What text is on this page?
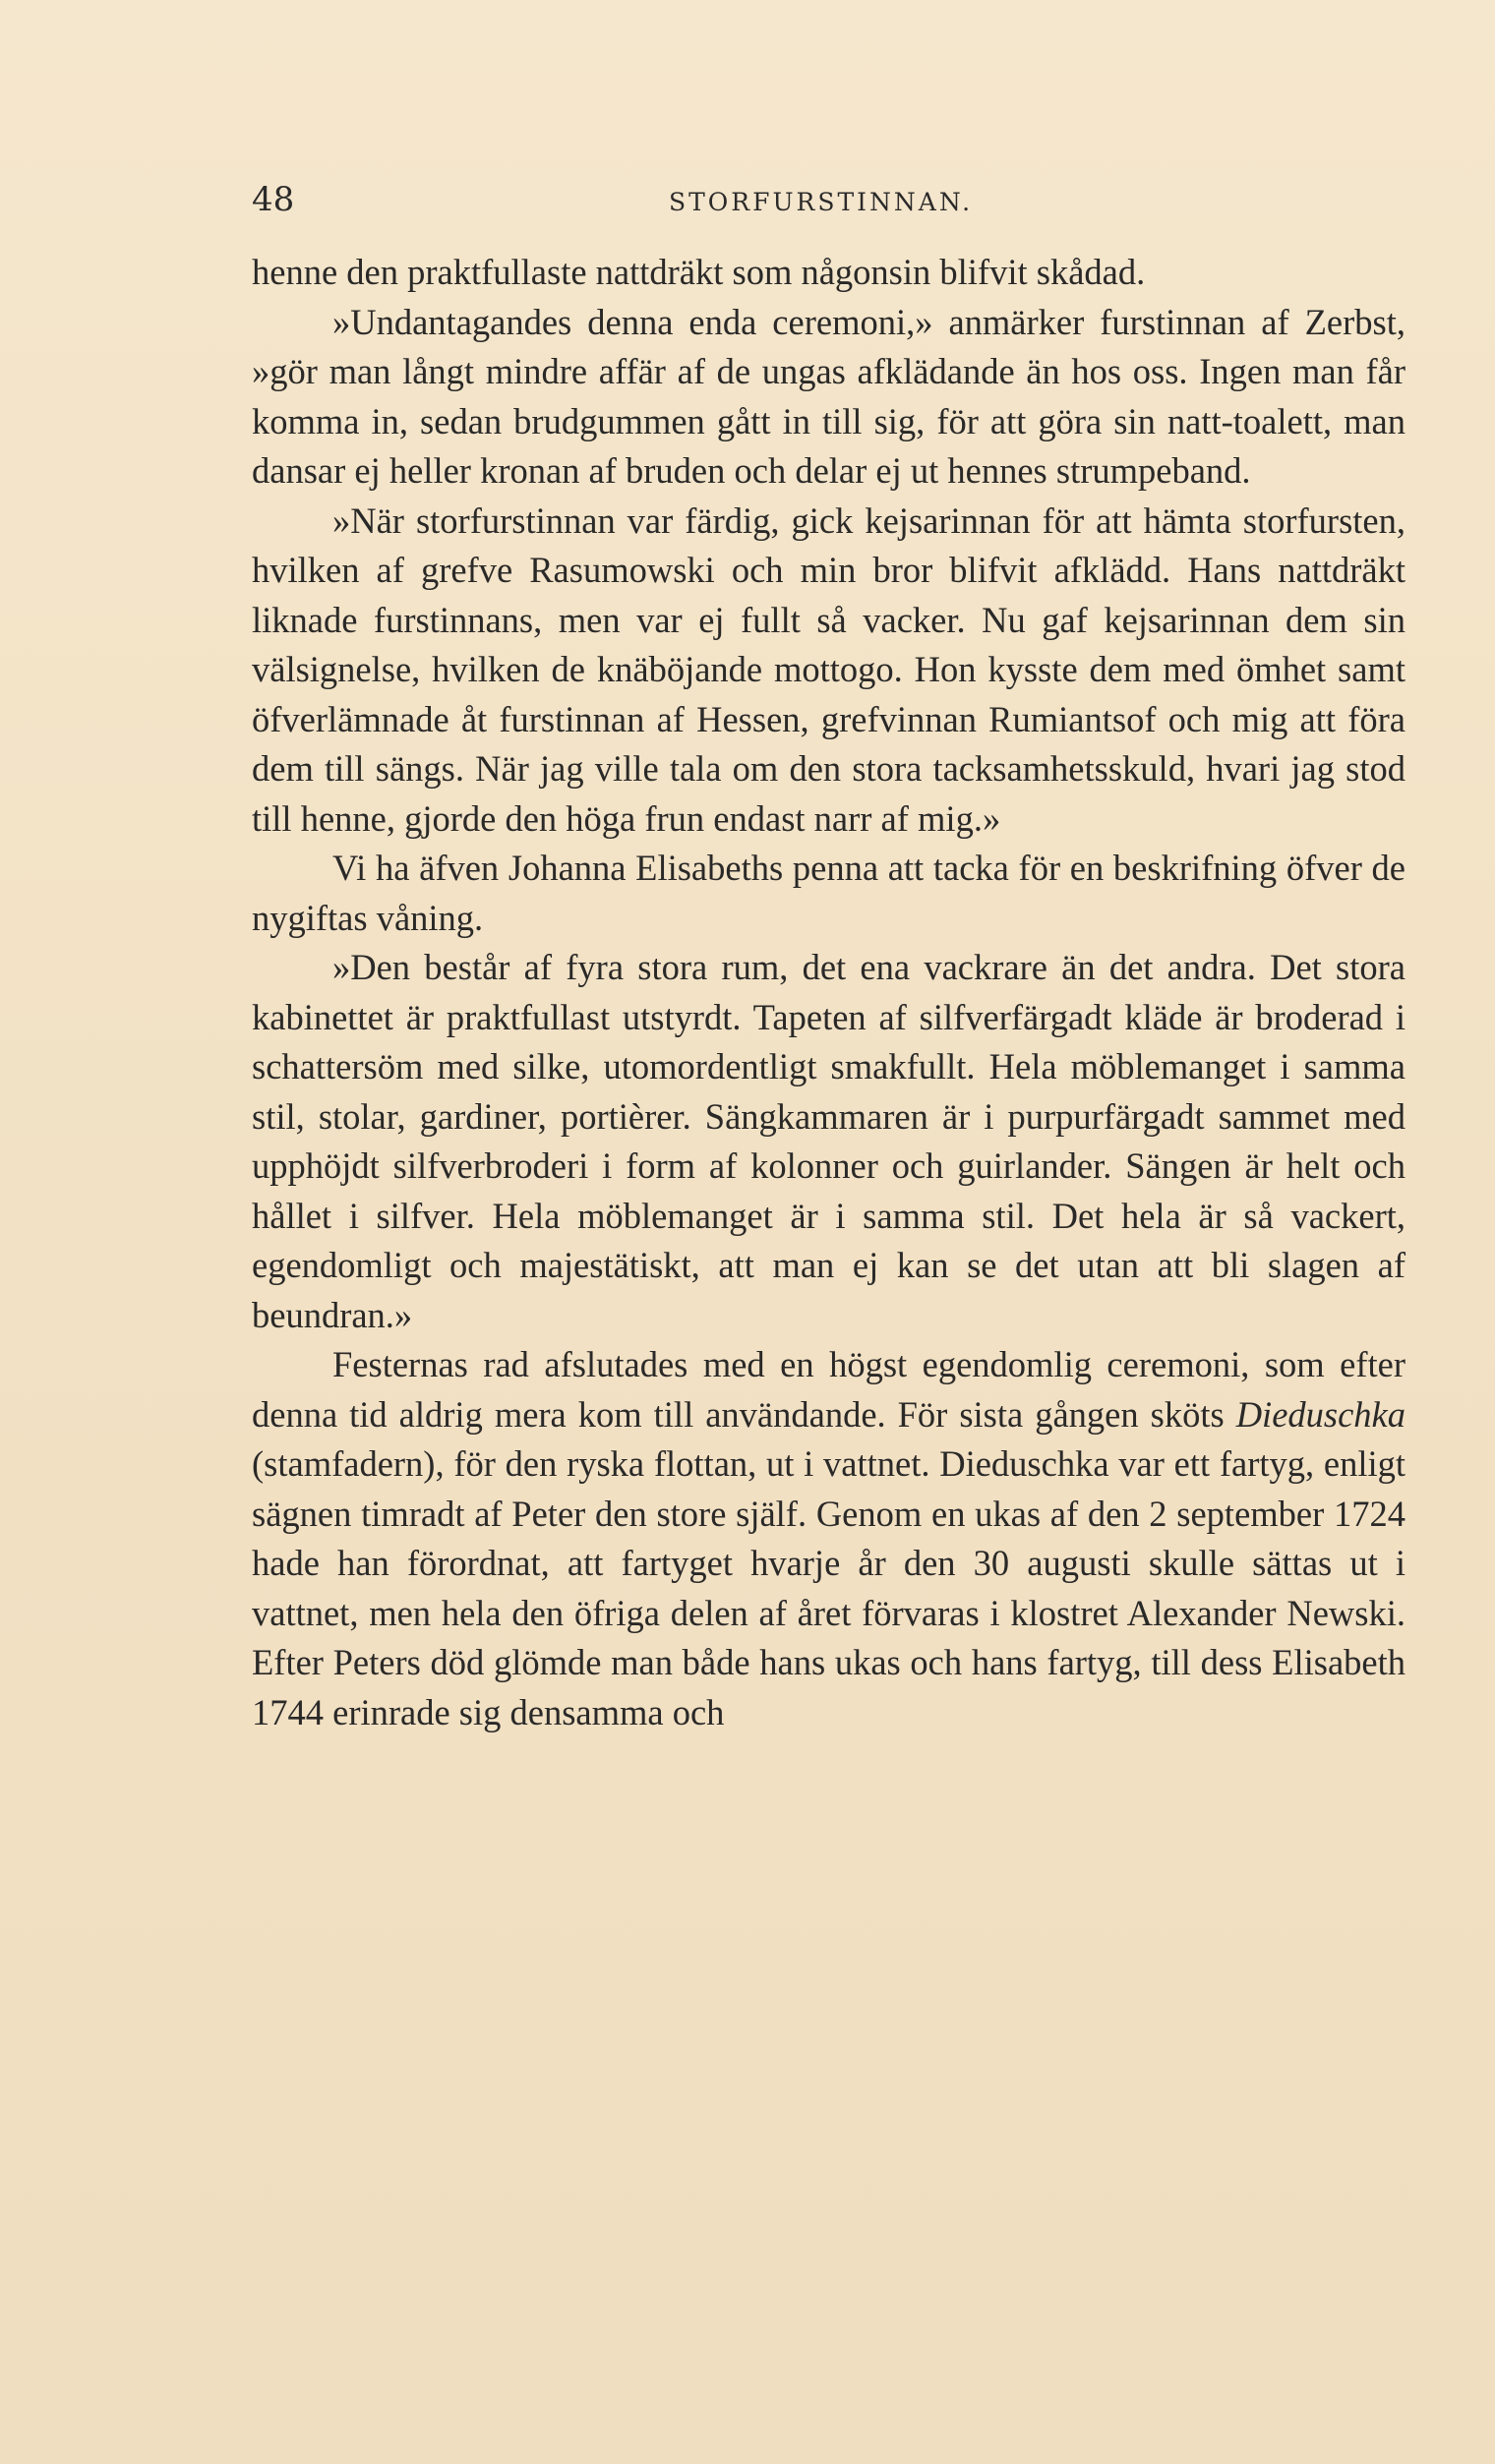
48	STORFURSTINNAN.

henne den praktfullaste nattdräkt som någonsin blifvit skådad.

»Undantagandes denna enda ceremoni,» anmärker furstinnan af Zerbst, »gör man långt mindre affär af de ungas afklädande än hos oss. Ingen man får komma in, sedan brudgummen gått in till sig, för att göra sin natt-toalett, man dansar ej heller kronan af bruden och delar ej ut hennes strumpeband.

»När storfurstinnan var färdig, gick kejsarinnan för att hämta storfursten, hvilken af grefve Rasumowski och min bror blifvit afklädd. Hans nattdräkt liknade furstinnans, men var ej fullt så vacker. Nu gaf kejsarinnan dem sin välsignelse, hvilken de knäböjande mottogo. Hon kysste dem med ömhet samt öfverlämnade åt furstinnan af Hessen, grefvinnan Rumiantsof och mig att föra dem till sängs. När jag ville tala om den stora tacksamhetsskuld, hvari jag stod till henne, gjorde den höga frun endast narr af mig.»

Vi ha äfven Johanna Elisabeths penna att tacka för en beskrifning öfver de nygiftas våning.

»Den består af fyra stora rum, det ena vackrare än det andra. Det stora kabinettet är praktfullast utstyrdt. Tapeten af silfverfärgadt kläde är broderad i schattersöm med silke, utomordentligt smakfullt. Hela möblemanget i samma stil, stolar, gardiner, portièrer. Sängkammaren är i purpurfärgadt sammet med upphöjdt silfverbroderi i form af kolonner och guirlander. Sängen är helt och hållet i silfver. Hela möblemanget är i samma stil. Det hela är så vackert, egendomligt och majestätiskt, att man ej kan se det utan att bli slagen af beundran.»

Festernas rad afslutades med en högst egendomlig ceremoni, som efter denna tid aldrig mera kom till användande. För sista gången sköts Dieduschka (stamfadern), för den ryska flottan, ut i vattnet. Dieduschka var ett fartyg, enligt sägnen timradt af Peter den store själf. Genom en ukas af den 2 september 1724 hade han förordnat, att fartyget hvarje år den 30 augusti skulle sättas ut i vattnet, men hela den öfriga delen af året förvaras i klostret Alexander Newski. Efter Peters död glömde man både hans ukas och hans fartyg, till dess Elisabeth 1744 erinrade sig densamma och
